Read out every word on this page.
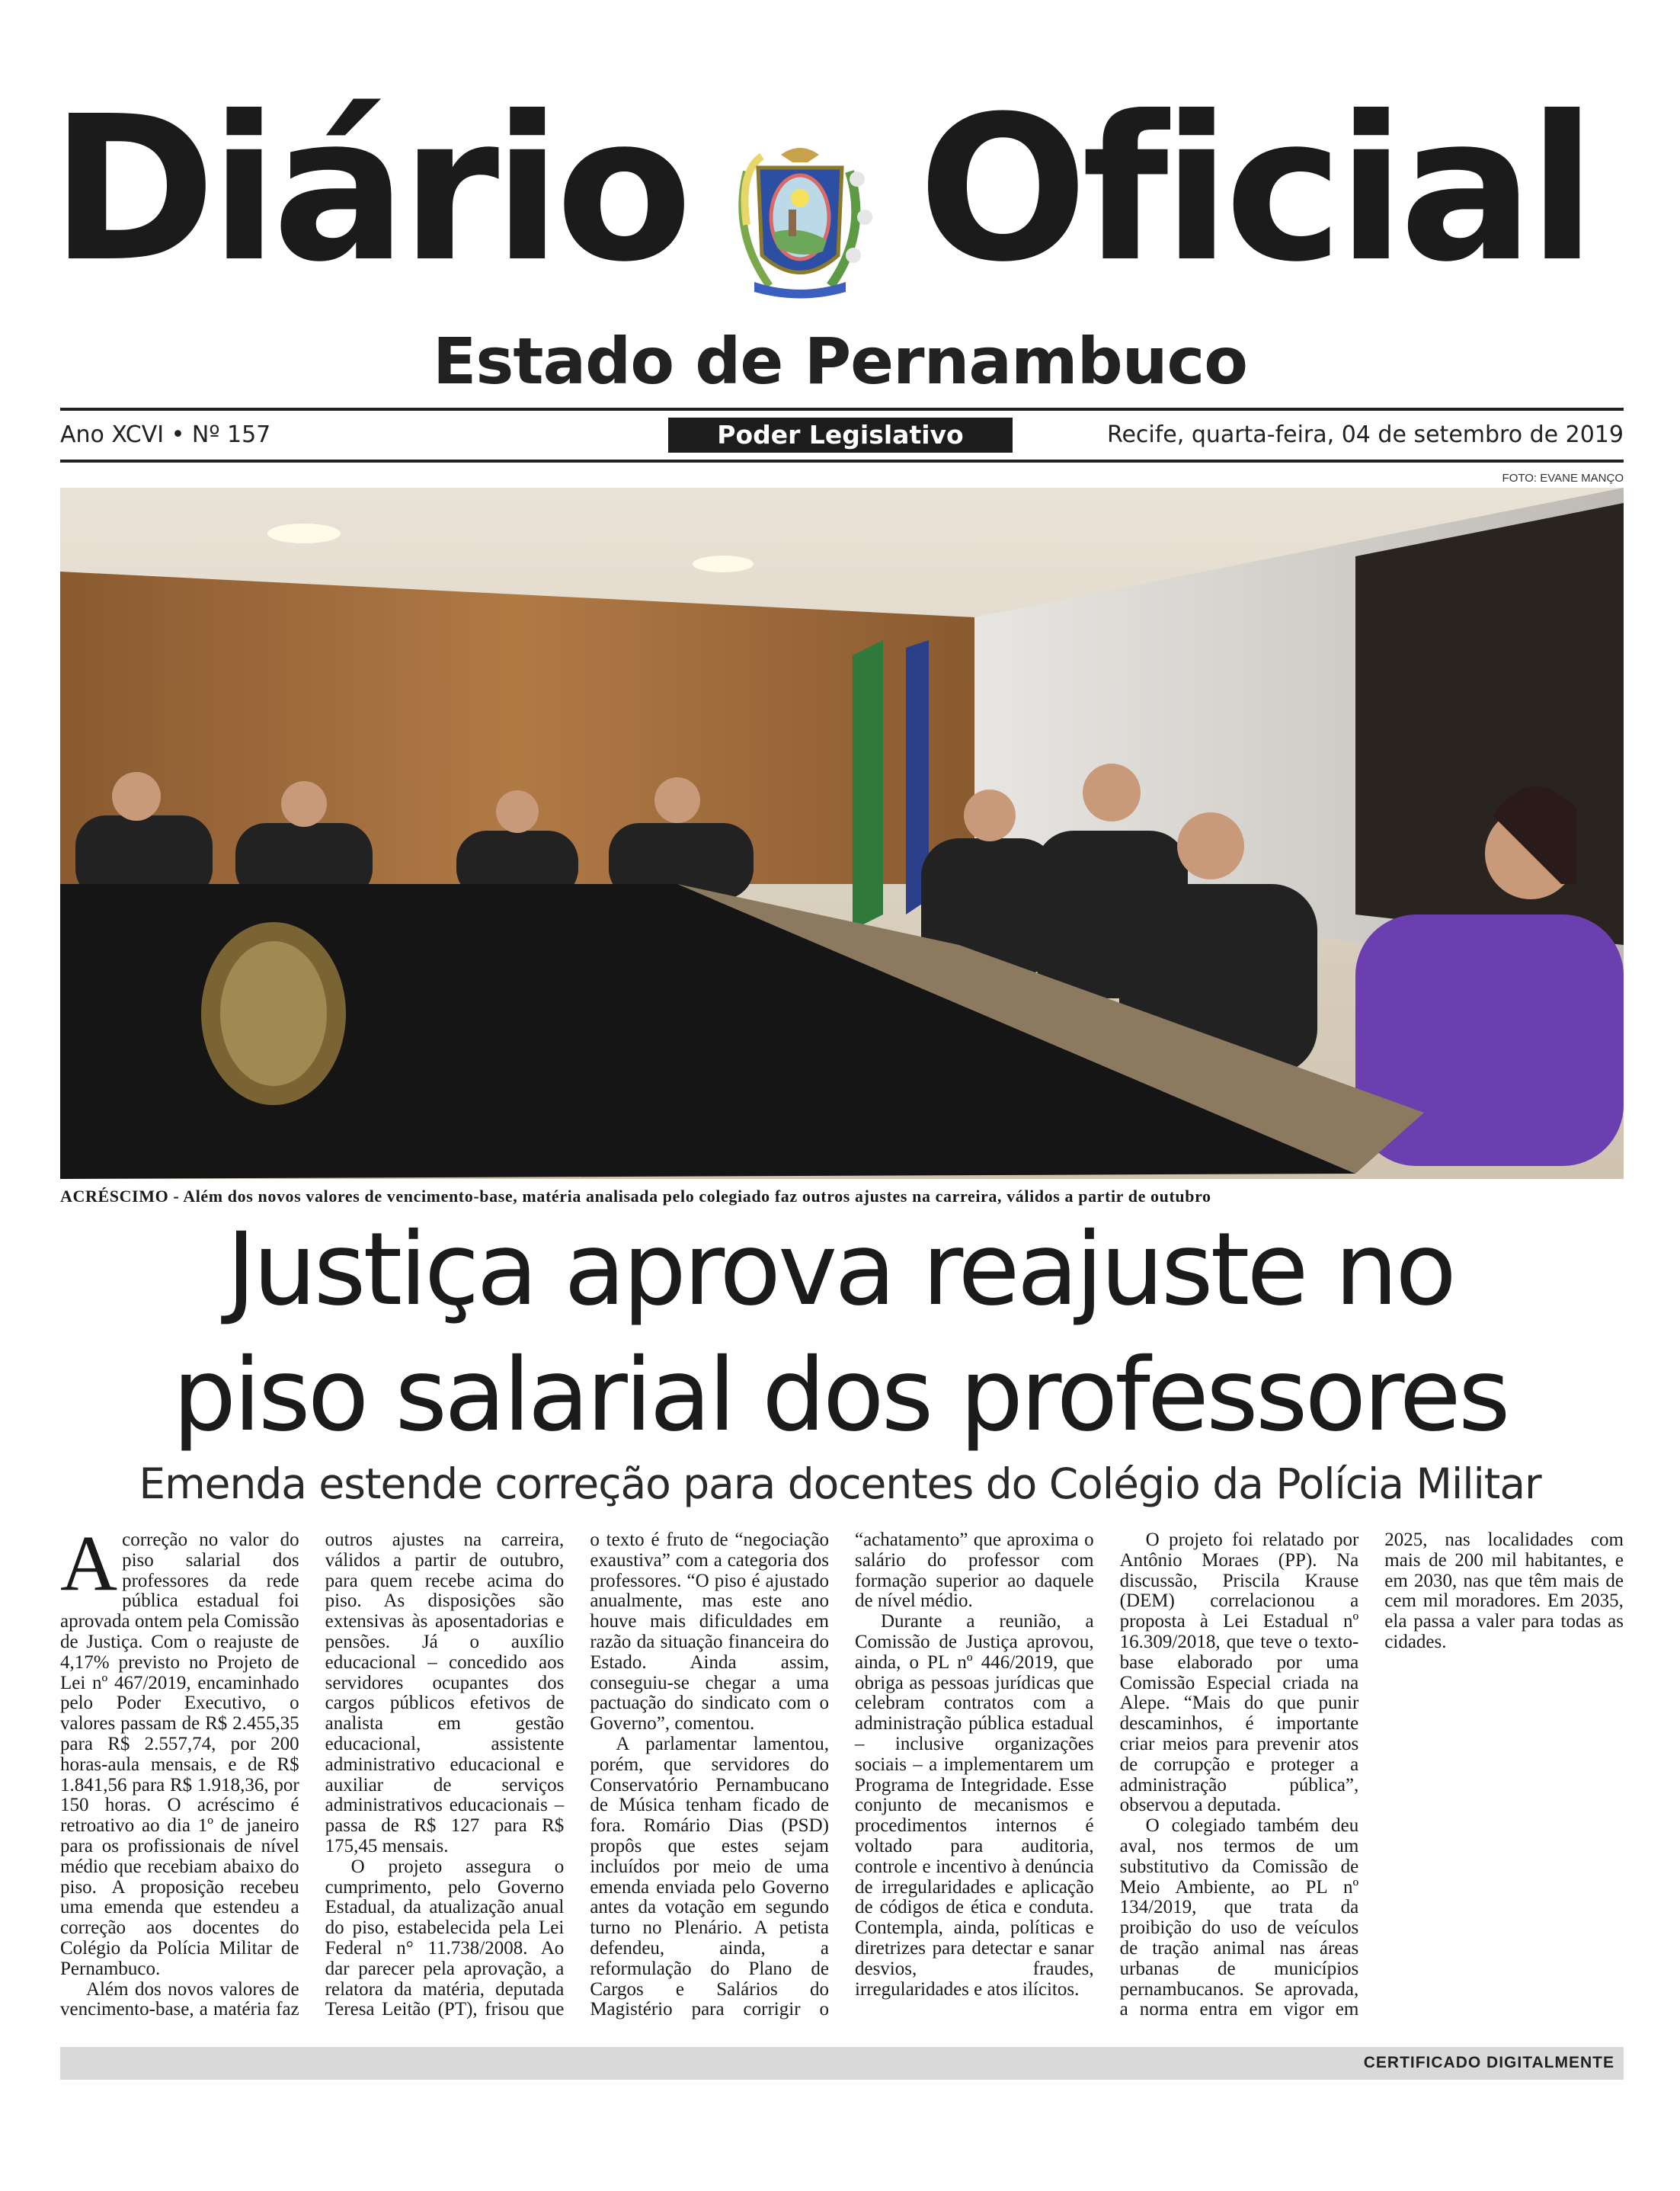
Diário Oficial
Estado de Pernambuco
Ano XCVI • Nº 157	Poder Legislativo	Recife, quarta-feira, 04 de setembro de 2019
FOTO: EVANE MANÇO
ACRÉSCIMO - Além dos novos valores de vencimento-base, matéria analisada pelo colegiado faz outros ajustes na carreira, válidos a partir de outubro
Justiça aprova reajuste no
piso salarial dos professores
Emenda estende correção para docentes do Colégio da Polícia Militar

A correção no valor do piso salarial dos professores da rede pública estadual foi aprovada ontem pela Comissão de Justiça. Com o reajuste de 4,17% previsto no Projeto de Lei nº 467/2019, encaminhado pelo Poder Executivo, o valores passam de R$ 2.455,35 para R$ 2.557,74, por 200 horas-aula mensais, e de R$ 1.841,56 para R$ 1.918,36, por 150 horas. O acréscimo é retroativo ao dia 1º de janeiro para os profissionais de nível médio que recebiam abaixo do piso. A proposição recebeu uma emenda que estendeu a correção aos docentes do Colégio da Polícia Militar de Pernambuco.

Além dos novos valores de vencimento-base, a matéria faz outros ajustes na carreira, válidos a partir de outubro, para quem recebe acima do piso. As disposições são extensivas às aposentadorias e pensões. Já o auxílio educacional – concedido aos servidores ocupantes dos cargos públicos efetivos de analista em gestão educacional, assistente administrativo educacional e auxiliar de serviços administrativos educacionais – passa de R$ 127 para R$ 175,45 mensais.

O projeto assegura o cumprimento, pelo Governo Estadual, da atualização anual do piso, estabelecida pela Lei Federal n° 11.738/2008. Ao dar parecer pela aprovação, a relatora da matéria, deputada Teresa Leitão (PT), frisou que o texto é fruto de “negociação exaustiva” com a categoria dos professores. “O piso é ajustado anualmente, mas este ano houve mais dificuldades em razão da situação financeira do Estado. Ainda assim, conseguiu-se chegar a uma pactuação do sindicato com o Governo”, comentou.

A parlamentar lamentou, porém, que servidores do Conservatório Pernambucano de Música tenham ficado de fora. Romário Dias (PSD) propôs que estes sejam incluídos por meio de uma emenda enviada pelo Governo antes da votação em segundo turno no Plenário. A petista defendeu, ainda, a reformulação do Plano de Cargos e Salários do Magistério para corrigir o “achatamento” que aproxima o salário do professor com formação superior ao daquele de nível médio.

Durante a reunião, a Comissão de Justiça aprovou, ainda, o PL nº 446/2019, que obriga as pessoas jurídicas que celebram contratos com a administração pública estadual – inclusive organizações sociais – a implementarem um Programa de Integridade. Esse conjunto de mecanismos e procedimentos internos é voltado para auditoria, controle e incentivo à denúncia de irregularidades e aplicação de códigos de ética e conduta. Contempla, ainda, políticas e diretrizes para detectar e sanar desvios, fraudes, irregularidades e atos ilícitos.

O projeto foi relatado por Antônio Moraes (PP). Na discussão, Priscila Krause (DEM) correlacionou a proposta à Lei Estadual nº 16.309/2018, que teve o texto-base elaborado por uma Comissão Especial criada na Alepe. “Mais do que punir descaminhos, é importante criar meios para prevenir atos de corrupção e proteger a administração pública”, observou a deputada.

O colegiado também deu aval, nos termos de um substitutivo da Comissão de Meio Ambiente, ao PL nº 134/2019, que trata da proibição do uso de veículos de tração animal nas áreas urbanas de municípios pernambucanos. Se aprovada, a norma entra em vigor em 2025, nas localidades com mais de 200 mil habitantes, e em 2030, nas que têm mais de cem mil moradores. Em 2035, ela passa a valer para todas as cidades.

CERTIFICADO DIGITALMENTE
